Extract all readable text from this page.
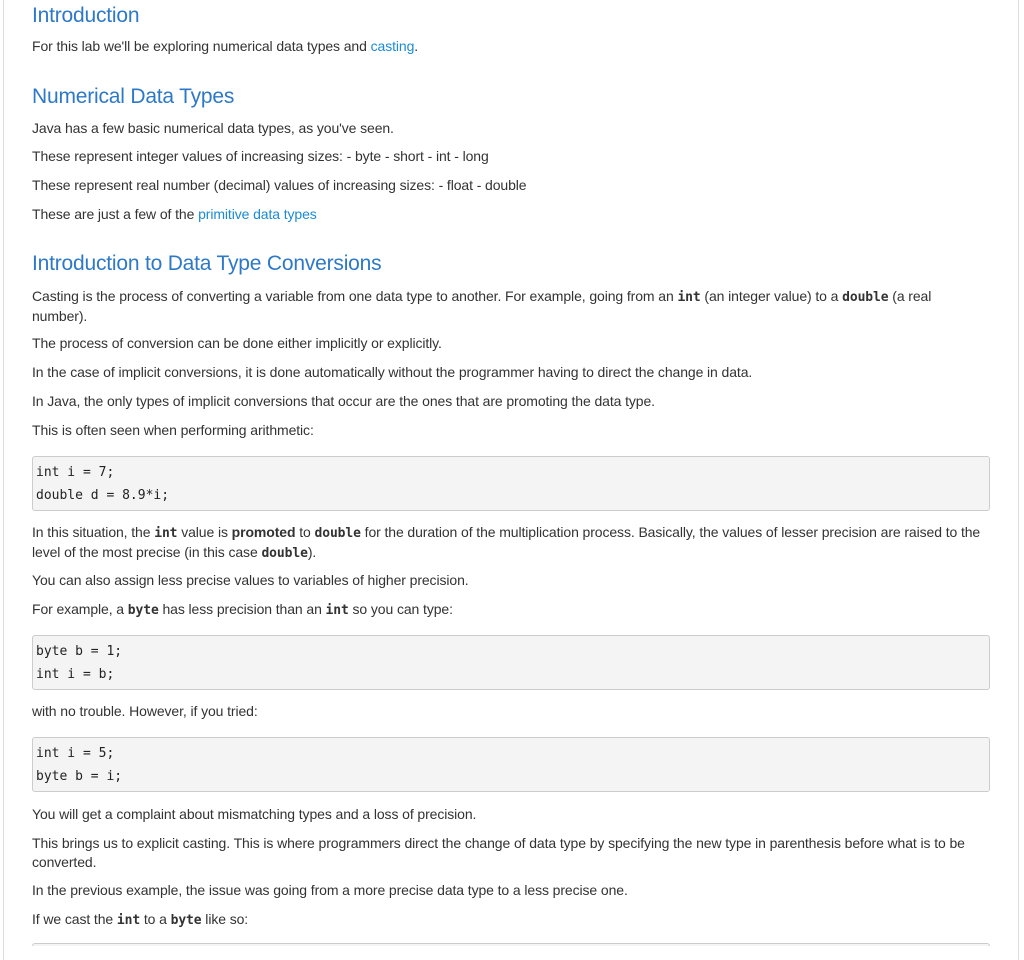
Introduction

For this lab we'll be exploring numerical data types and casting.

Numerical Data Types

Java has a few basic numerical data types, as you've seen.

These represent integer values of increasing sizes: - byte - short - int - long

These represent real number (decimal) values of increasing sizes: - float - double

These are just a few of the primitive data types

Introduction to Data Type Conversions

Casting is the process of converting a variable from one data type to another. For example, going from an int (an integer value) to a double (a real number).

The process of conversion can be done either implicitly or explicitly.

In the case of implicit conversions, it is done automatically without the programmer having to direct the change in data.

In Java, the only types of implicit conversions that occur are the ones that are promoting the data type.

This is often seen when performing arithmetic:

int i = 7;
double d = 8.9*i;

In this situation, the int value is promoted to double for the duration of the multiplication process. Basically, the values of lesser precision are raised to the level of the most precise (in this case double).

You can also assign less precise values to variables of higher precision.

For example, a byte has less precision than an int so you can type:

byte b = 1;
int i = b;

with no trouble. However, if you tried:

int i = 5;
byte b = i;

You will get a complaint about mismatching types and a loss of precision.

This brings us to explicit casting. This is where programmers direct the change of data type by specifying the new type in parenthesis before what is to be converted.

In the previous example, the issue was going from a more precise data type to a less precise one.

If we cast the int to a byte like so:
